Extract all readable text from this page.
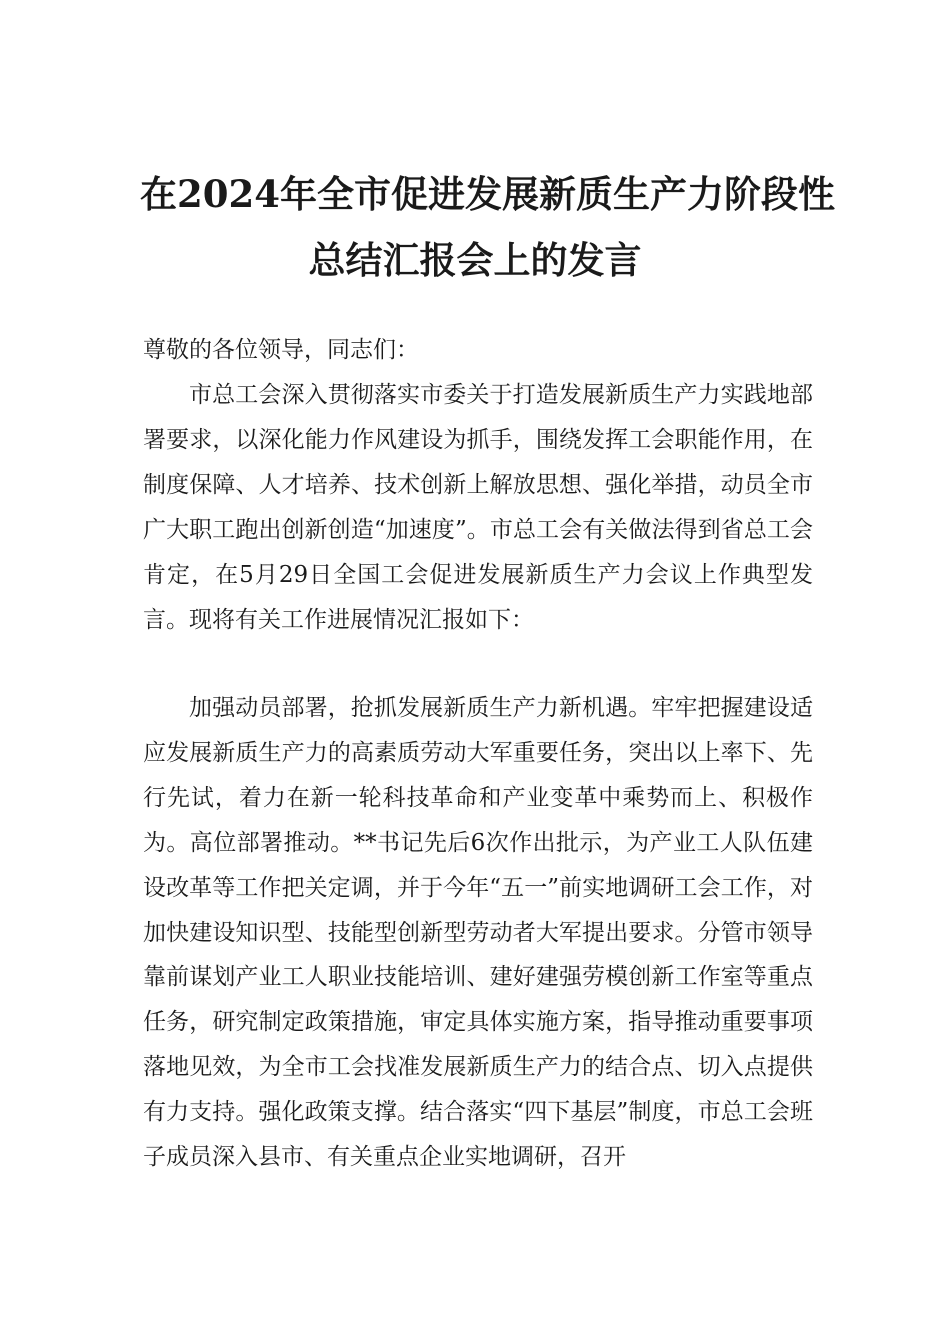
在2024年全市促进发展新质生产力阶段性
总结汇报会上的发言
尊敬的各位领导，同志们：
市总工会深入贯彻落实市委关于打造发展新质生产力实践地部署要求，以深化能力作风建设为抓手，围绕发挥工会职能作用，在制度保障、人才培养、技术创新上解放思想、强化举措，动员全市广大职工跑出创新创造“加速度”。市总工会有关做法得到省总工会肯定，在5月29日全国工会促进发展新质生产力会议上作典型发言。现将有关工作进展情况汇报如下：
加强动员部署，抢抓发展新质生产力新机遇。牢牢把握建设适应发展新质生产力的高素质劳动大军重要任务，突出以上率下、先行先试，着力在新一轮科技革命和产业变革中乘势而上、积极作为。高位部署推动。**书记先后6次作出批示，为产业工人队伍建设改革等工作把关定调，并于今年“五一”前实地调研工会工作，对加快建设知识型、技能型创新型劳动者大军提出要求。分管市领导靠前谋划产业工人职业技能培训、建好建强劳模创新工作室等重点任务，研究制定政策措施，审定具体实施方案，指导推动重要事项落地见效，为全市工会找准发展新质生产力的结合点、切入点提供有力支持。强化政策支撑。结合落实“四下基层”制度，市总工会班子成员深入县市、有关重点企业实地调研，召开
